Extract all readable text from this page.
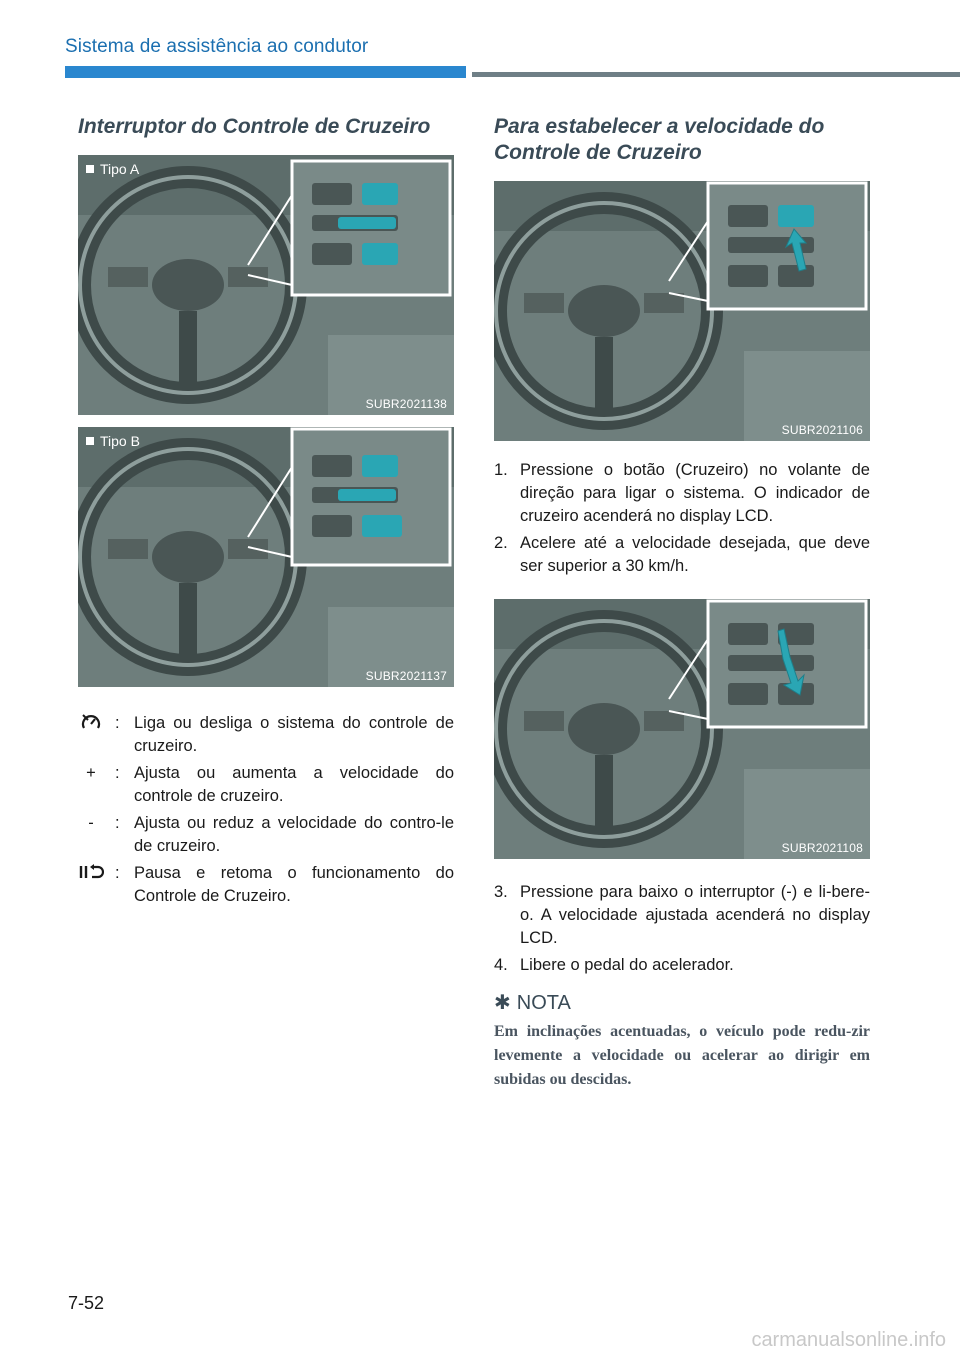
Sistema de assistência ao condutor
Interruptor do Controle de Cruzeiro
Tipo A
SUBR2021138
Tipo B
SUBR2021137
: Liga ou desliga o sistema do controle de cruzeiro.
+	: Ajusta ou aumenta a velocidade do controle de cruzeiro.
-	: Ajusta ou reduz a velocidade do contro-le de cruzeiro.
: Pausa e retoma o funcionamento do Controle de Cruzeiro.
Para estabelecer a velocidade do Controle de Cruzeiro
SUBR2021106
1. Pressione o botão (Cruzeiro) no volante de direção para ligar o sistema. O indicador de cruzeiro acenderá no display LCD.
2. Acelere até a velocidade desejada, que deve ser superior a 30 km/h.
SUBR2021108
3. Pressione para baixo o interruptor (-) e li-bere-o. A velocidade ajustada acenderá no display LCD.
4. Libere o pedal do acelerador.
✱ NOTA
Em inclinações acentuadas, o veículo pode redu-zir levemente a velocidade ou acelerar ao dirigir em subidas ou descidas.
7-52
carmanualsonline.info
